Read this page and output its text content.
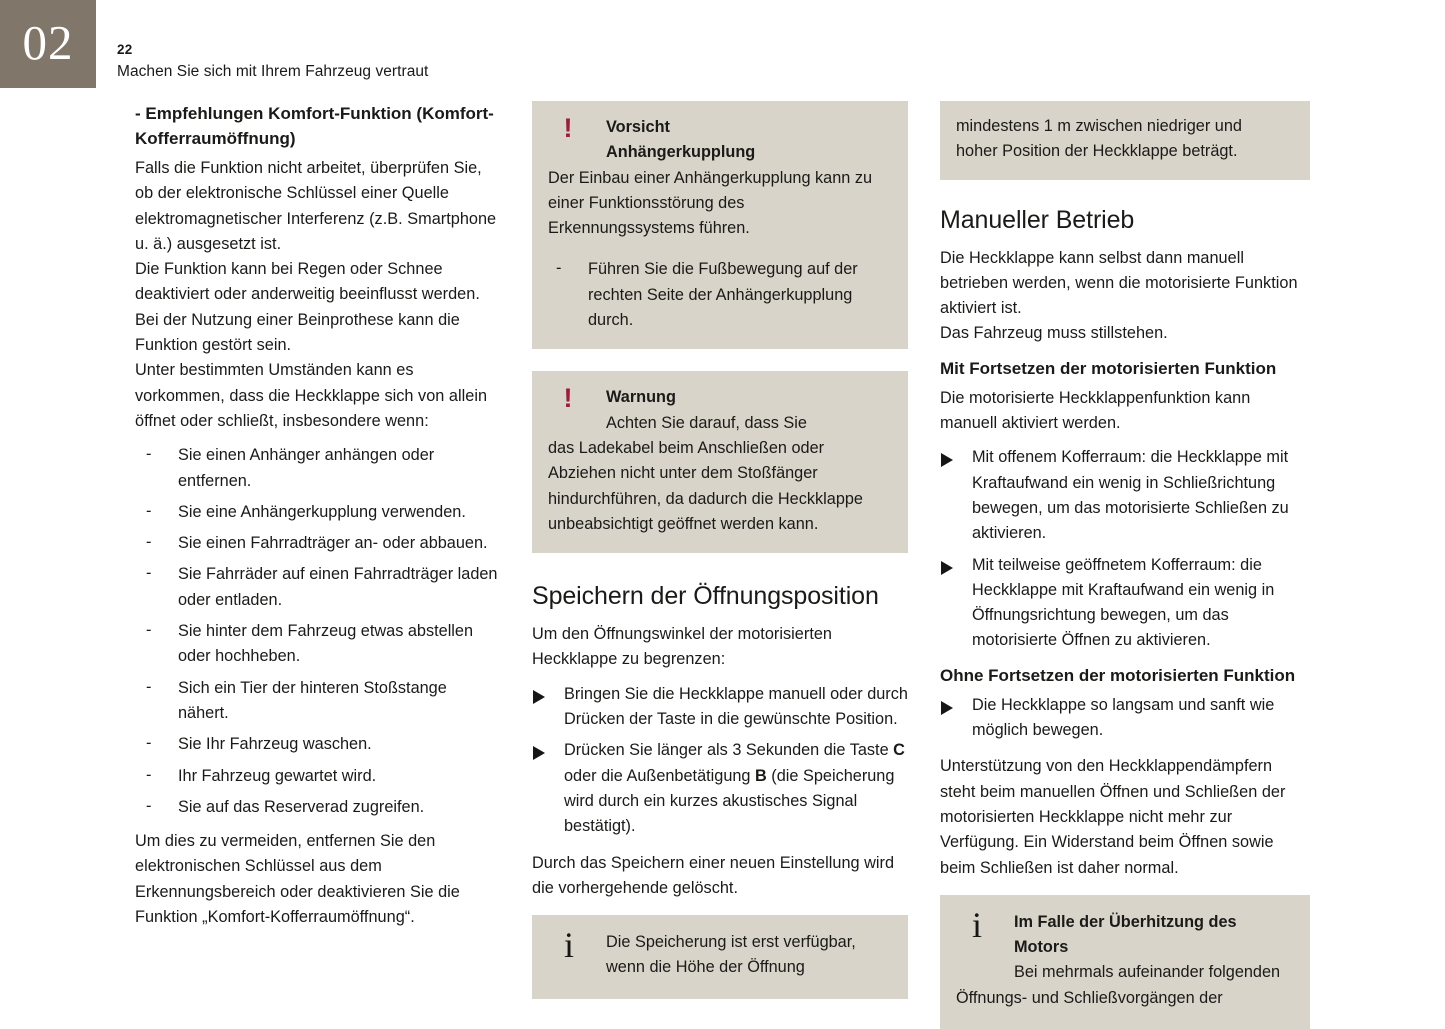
02	22
Machen Sie sich mit Ihrem Fahrzeug vertraut
- Empfehlungen Komfort-Funktion (Komfort-Kofferraumöffnung)

Falls die Funktion nicht arbeitet, überprüfen Sie, ob der elektronische Schlüssel einer Quelle elektromagnetischer Interferenz (z.B. Smartphone u. ä.) ausgesetzt ist.

Die Funktion kann bei Regen oder Schnee deaktiviert oder anderweitig beeinflusst werden.

Bei der Nutzung einer Beinprothese kann die Funktion gestört sein.

Unter bestimmten Umständen kann es vorkommen, dass die Heckklappe sich von allein öffnet oder schließt, insbesondere wenn:

- Sie einen Anhänger anhängen oder entfernen.
- Sie eine Anhängerkupplung verwenden.
- Sie einen Fahrradträger an- oder abbauen.
- Sie Fahrräder auf einen Fahrradträger laden oder entladen.
- Sie hinter dem Fahrzeug etwas abstellen oder hochheben.
- Sich ein Tier der hinteren Stoßstange nähert.
- Sie Ihr Fahrzeug waschen.
- Ihr Fahrzeug gewartet wird.
- Sie auf das Reserverad zugreifen.

Um dies zu vermeiden, entfernen Sie den elektronischen Schlüssel aus dem Erkennungsbereich oder deaktivieren Sie die Funktion „Komfort-Kofferraumöffnung“.

!	Vorsicht

Anhängerkupplung

Der Einbau einer Anhängerkupplung kann zu einer Funktionsstörung des Erkennungssystems führen.

- Führen Sie die Fußbewegung auf der rechten Seite der Anhängerkupplung durch.
!	Warnung

Achten Sie darauf, dass Sie

das Ladekabel beim Anschließen oder Abziehen nicht unter dem Stoßfänger hindurchführen, da dadurch die Heckklappe unbeabsichtigt geöffnet werden kann.

Speichern der Öffnungsposition

Um den Öffnungswinkel der motorisierten Heckklappe zu begrenzen:

Bringen Sie die Heckklappe manuell oder durch Drücken der Taste in die gewünschte Position.
Drücken Sie länger als 3 Sekunden die Taste C oder die Außenbetätigung B (die Speicherung wird durch ein kurzes akustisches Signal bestätigt).

Durch das Speichern einer neuen Einstellung wird die vorhergehende gelöscht.

i	Die Speicherung ist erst verfügbar,

wenn die Höhe der Öffnung

mindestens 1 m zwischen niedriger und

hoher Position der Heckklappe beträgt.

Manueller Betrieb

Die Heckklappe kann selbst dann manuell betrieben werden, wenn die motorisierte Funktion aktiviert ist.

Das Fahrzeug muss stillstehen.

Mit Fortsetzen der motorisierten Funktion

Die motorisierte Heckklappenfunktion kann manuell aktiviert werden.

Mit offenem Kofferraum: die Heckklappe mit Kraftaufwand ein wenig in Schließrichtung bewegen, um das motorisierte Schließen zu aktivieren.
Mit teilweise geöffnetem Kofferraum: die Heckklappe mit Kraftaufwand ein wenig in Öffnungsrichtung bewegen, um das motorisierte Öffnen zu aktivieren.
Ohne Fortsetzen der motorisierten Funktion
Die Heckklappe so langsam und sanft wie möglich bewegen.

Unterstützung von den Heckklappendämpfern steht beim manuellen Öffnen und Schließen der motorisierten Heckklappe nicht mehr zur Verfügung. Ein Widerstand beim Öffnen sowie beim Schließen ist daher normal.

i	Im Falle der Überhitzung des Motors

Bei mehrmals aufeinander folgenden

Öffnungs- und Schließvorgängen der
